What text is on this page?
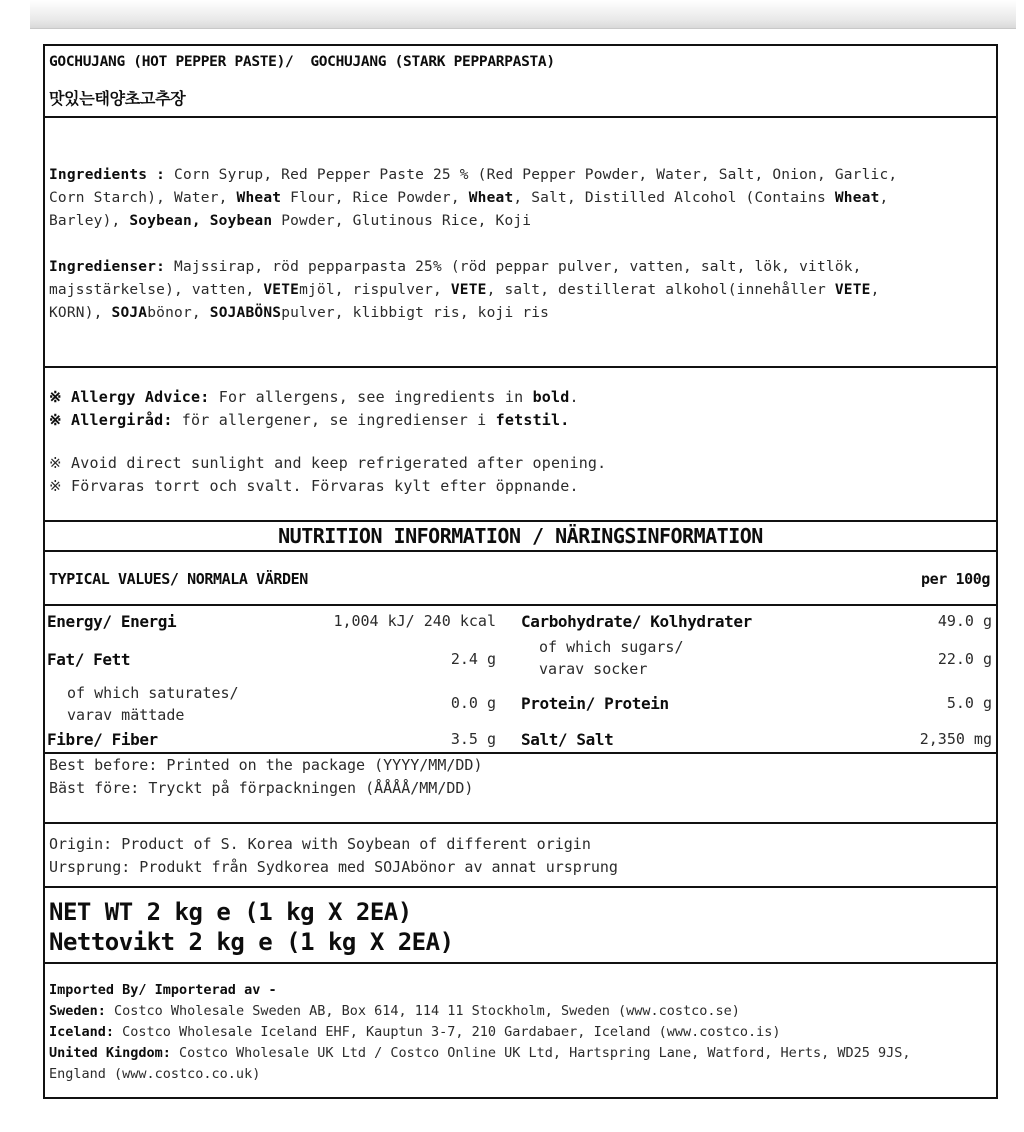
GOCHUJANG (HOT PEPPER PASTE)/  GOCHUJANG (STARK PEPPARPASTA)
맛있는태양초고추장

Ingredients : Corn Syrup, Red Pepper Paste 25 % (Red Pepper Powder, Water, Salt, Onion, Garlic,

Corn Starch), Water, Wheat Flour, Rice Powder, Wheat, Salt, Distilled Alcohol (Contains Wheat,

Barley), Soybean, Soybean Powder, Glutinous Rice, Koji

Ingredienser: Majssirap, röd pepparpasta 25% (röd peppar pulver, vatten, salt, lök, vitlök,

majsstärkelse), vatten, VETEmjöl, rispulver, VETE, salt, destillerat alkohol(innehåller VETE,

KORN), SOJAbönor, SOJABÖNSpulver, klibbigt ris, koji ris

※ Allergy Advice: For allergens, see ingredients in bold.

※ Allergiråd: för allergener, se ingredienser i fetstil.

※ Avoid direct sunlight and keep refrigerated after opening.

※ Förvaras torrt och svalt. Förvaras kylt efter öppnande.

NUTRITION INFORMATION / NÄRINGSINFORMATION
TYPICAL VALUES/ NORMALA VÄRDEN	per 100g
Energy/ Energi	1,004 kJ/ 240 kcal
Fat/ Fett	2.4 g
of which saturates/
varav mättade
0.0 g
Fibre/ Fiber	3.5 g
Carbohydrate/ Kolhydrater	49.0 g
of which sugars/
varav socker
22.0 g
Protein/ Protein	5.0 g
Salt/ Salt	2,350 mg
Best before: Printed on the package (YYYY/MM/DD)
Bäst före: Tryckt på förpackningen (ÅÅÅÅ/MM/DD)
Origin: Product of S. Korea with Soybean of different origin
Ursprung: Produkt från Sydkorea med SOJAbönor av annat ursprung
NET WT 2 kg e (1 kg X 2EA)
Nettovikt 2 kg e (1 kg X 2EA)
Imported By/ Importerad av -
Sweden: Costco Wholesale Sweden AB, Box 614, 114 11 Stockholm, Sweden (www.costco.se)
Iceland: Costco Wholesale Iceland EHF, Kauptun 3-7, 210 Gardabaer, Iceland (www.costco.is)
United Kingdom: Costco Wholesale UK Ltd / Costco Online UK Ltd, Hartspring Lane, Watford, Herts, WD25 9JS,
England (www.costco.co.uk)
